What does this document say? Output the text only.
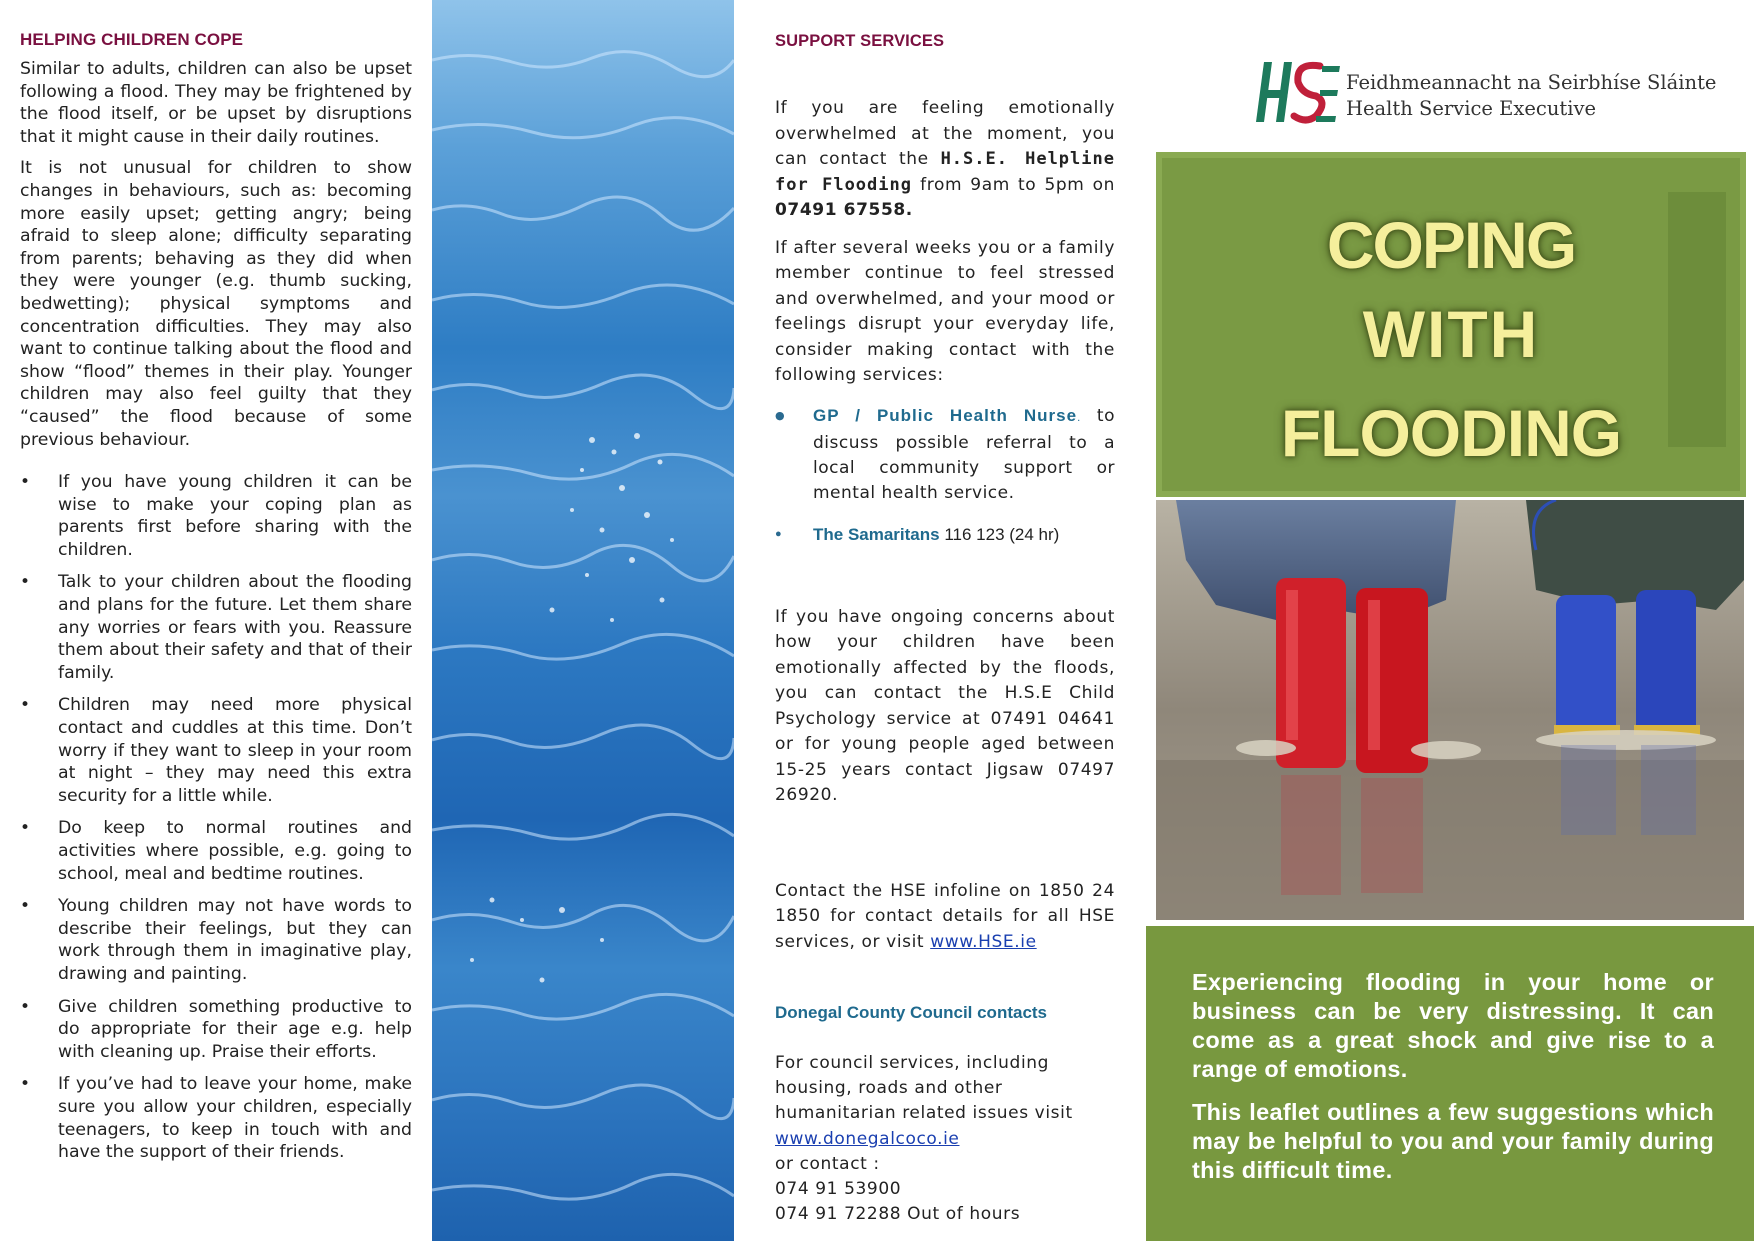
HELPING CHILDREN COPE

Similar to adults, children can also be upset following a flood. They may be frightened by the flood itself, or be upset by disruptions that it might cause in their daily routines.

It is not unusual for children to show changes in behaviours, such as: becoming more easily upset; getting angry; being afraid to sleep alone; difficulty separating from parents; behaving as they did when they were younger (e.g. thumb sucking, bedwetting); physical symptoms and concentration difficulties. They may also want to continue talking about the flood and show “flood” themes in their play. Younger children may also feel guilty that they “caused” the flood because of some previous behaviour.

• If you have young children it can be wise to make your coping plan as parents first before sharing with the children.
• Talk to your children about the flooding and plans for the future. Let them share any worries or fears with you. Reassure them about their safety and that of their family.
• Children may need more physical contact and cuddles at this time. Don’t worry if they want to sleep in your room at night – they may need this extra security for a little while.
• Do keep to normal routines and activities where possible, e.g. going to school, meal and bedtime routines.
• Young children may not have words to describe their feelings, but they can work through them in imaginative play, drawing and painting.
• Give children something productive to do appropriate for their age e.g. help with cleaning up. Praise their efforts.
• If you’ve had to leave your home, make sure you allow your children, especially teenagers, to keep in touch with and have the support of their friends.
SUPPORT SERVICES

If you are feeling emotionally overwhelmed at the moment, you can contact the H.S.E. Helpline for Flooding from 9am to 5pm on 07491 67558.

If after several weeks you or a family member continue to feel stressed and overwhelmed, and your mood or feelings disrupt your everyday life, consider making contact with the following services:

● GP / Public Health Nurse. to discuss possible referral to a local community support or mental health service.
● The Samaritans 116 123 (24 hr)

If you have ongoing concerns about how your children have been emotionally affected by the floods, you can contact the H.S.E Child Psychology service at 07491 04641 or for young people aged between 15-25 years contact Jigsaw 07497 26920.

Contact the HSE infoline on 1850 24 1850 for contact details for all HSE services, or visit www.HSE.ie

Donegal County Council contacts
For council services, including
housing, roads and other
humanitarian related issues visit
www.donegalcoco.ie
or contact :
074 91 53900
074 91 72288 Out of hours
Feidhmeannacht na Seirbhíse Sláinte
Health Service Executive
COPING
WITH
FLOODING

Experiencing flooding in your home or business can be very distressing. It can come as a great shock and give rise to a range of emotions.

This leaflet outlines a few suggestions which may be helpful to you and your family during this difficult time.
